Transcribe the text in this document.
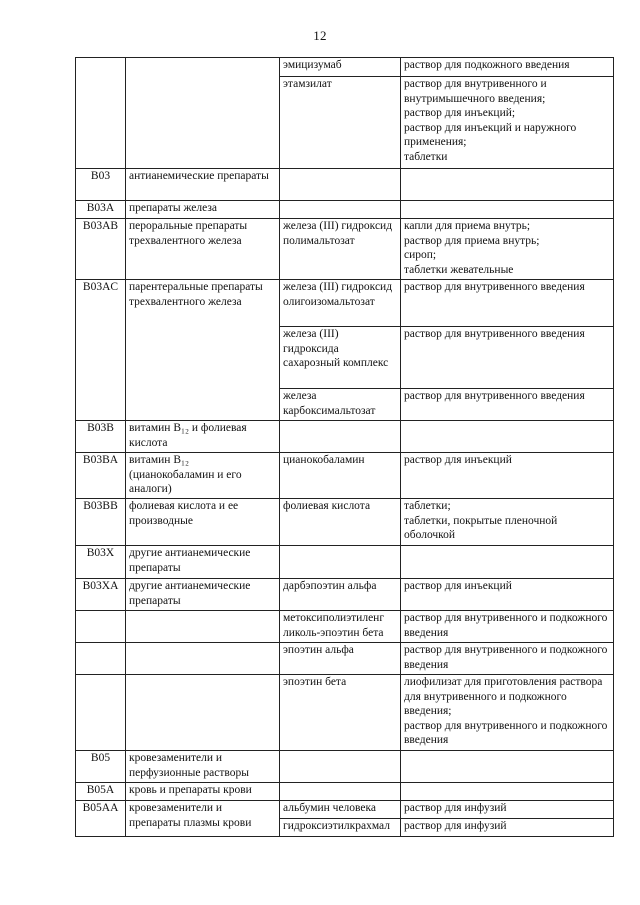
12
		эмицизумаб	раствор для подкожного введения
		этамзилат	раствор для внутривенного и внутримышечного введения;
раствор для инъекций;
раствор для инъекций и наружного применения;
таблетки
B03	антианемические препараты		
B03A	препараты железа		
B03AB	пероральные препараты трехвалентного железа	железа (III) гидроксид полимальтозат	капли для приема внутрь;
раствор для приема внутрь;
сироп;
таблетки жевательные
B03AC	парентеральные препараты трехвалентного железа	железа (III) гидроксид олигоизомальтозат	раствор для внутривенного введения
		железа (III) гидроксида сахарозный комплекс	раствор для внутривенного введения
		железа карбоксимальтозат	раствор для внутривенного введения
B03B	витамин B₁₂ и фолиевая кислота		
B03BA	витамин B₁₂ (цианокобаламин и его аналоги)	цианокобаламин	раствор для инъекций
B03BB	фолиевая кислота и ее производные	фолиевая кислота	таблетки;
таблетки, покрытые пленочной оболочкой
B03X	другие антианемические препараты		
B03XA	другие антианемические препараты	дарбэпоэтин альфа	раствор для инъекций
		метоксиполиэтиленг ликоль-эпоэтин бета	раствор для внутривенного и подкожного введения
		эпоэтин альфа	раствор для внутривенного и подкожного введения
		эпоэтин бета	лиофилизат для приготовления раствора для внутривенного и подкожного введения;
раствор для внутривенного и подкожного введения
B05	кровезаменители и перфузионные растворы		
B05A	кровь и препараты крови		
B05AA	кровезаменители и препараты плазмы крови	альбумин человека	раствор для инфузий
		гидроксиэтилкрахмал	раствор для инфузий
